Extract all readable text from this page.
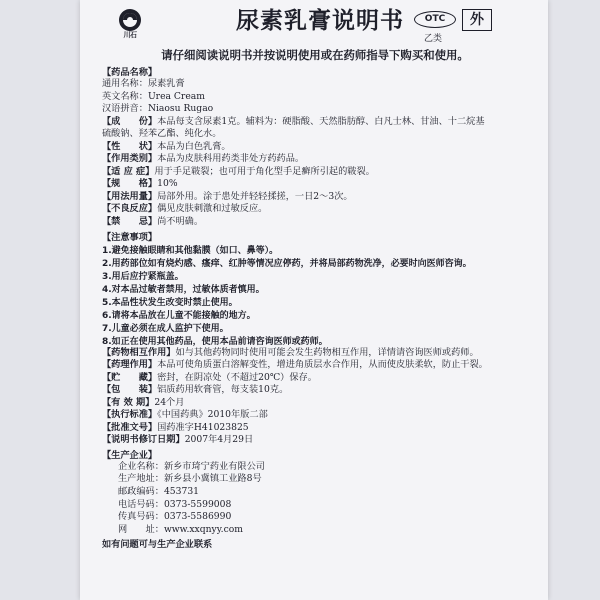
川石
尿素乳膏说明书	OTC
乙类
外
请仔细阅读说明书并按说明使用或在药师指导下购买和使用。
【药品名称】
通用名称：尿素乳膏
英文名称：Urea Cream
汉语拼音：Niaosu Rugao
【成　　份】本品每支含尿素1克。辅料为：硬脂酸、天然脂肪醇、白凡士林、甘油、十二烷基
硫酸钠、羟苯乙酯、纯化水。
【性　　状】本品为白色乳膏。
【作用类别】本品为皮肤科用药类非处方药药品。
【适 应 症】用于手足皲裂；也可用于角化型手足癣所引起的皲裂。
【规　　格】10%
【用法用量】局部外用。涂于患处并轻轻揉搓，一日2～3次。
【不良反应】偶见皮肤刺激和过敏反应。
【禁　　忌】尚不明确。
【注意事项】
1.避免接触眼睛和其他黏膜（如口、鼻等）。
2.用药部位如有烧灼感、瘙痒、红肿等情况应停药，并将局部药物洗净，必要时向医师咨询。
3.用后应拧紧瓶盖。
4.对本品过敏者禁用，过敏体质者慎用。
5.本品性状发生改变时禁止使用。
6.请将本品放在儿童不能接触的地方。
7.儿童必须在成人监护下使用。
8.如正在使用其他药品，使用本品前请咨询医师或药师。
【药物相互作用】如与其他药物同时使用可能会发生药物相互作用，详情请咨询医师或药师。
【药理作用】本品可使角质蛋白溶解变性，增进角质层水合作用，从而使皮肤柔软，防止干裂。
【贮　　藏】密封，在阴凉处（不超过20℃）保存。
【包　　装】铝质药用软膏管，每支装10克。
【有 效 期】24个月
【执行标准】《中国药典》2010年版二部
【批准文号】国药准字H41023825
【说明书修订日期】2007年4月29日
【生产企业】
企业名称：新乡市琦宁药业有限公司
生产地址：新乡县小冀镇工业路8号
邮政编码：453731
电话号码：0373-5599008
传真号码：0373-5586990
网　　址：www.xxqnyy.com
如有问题可与生产企业联系
